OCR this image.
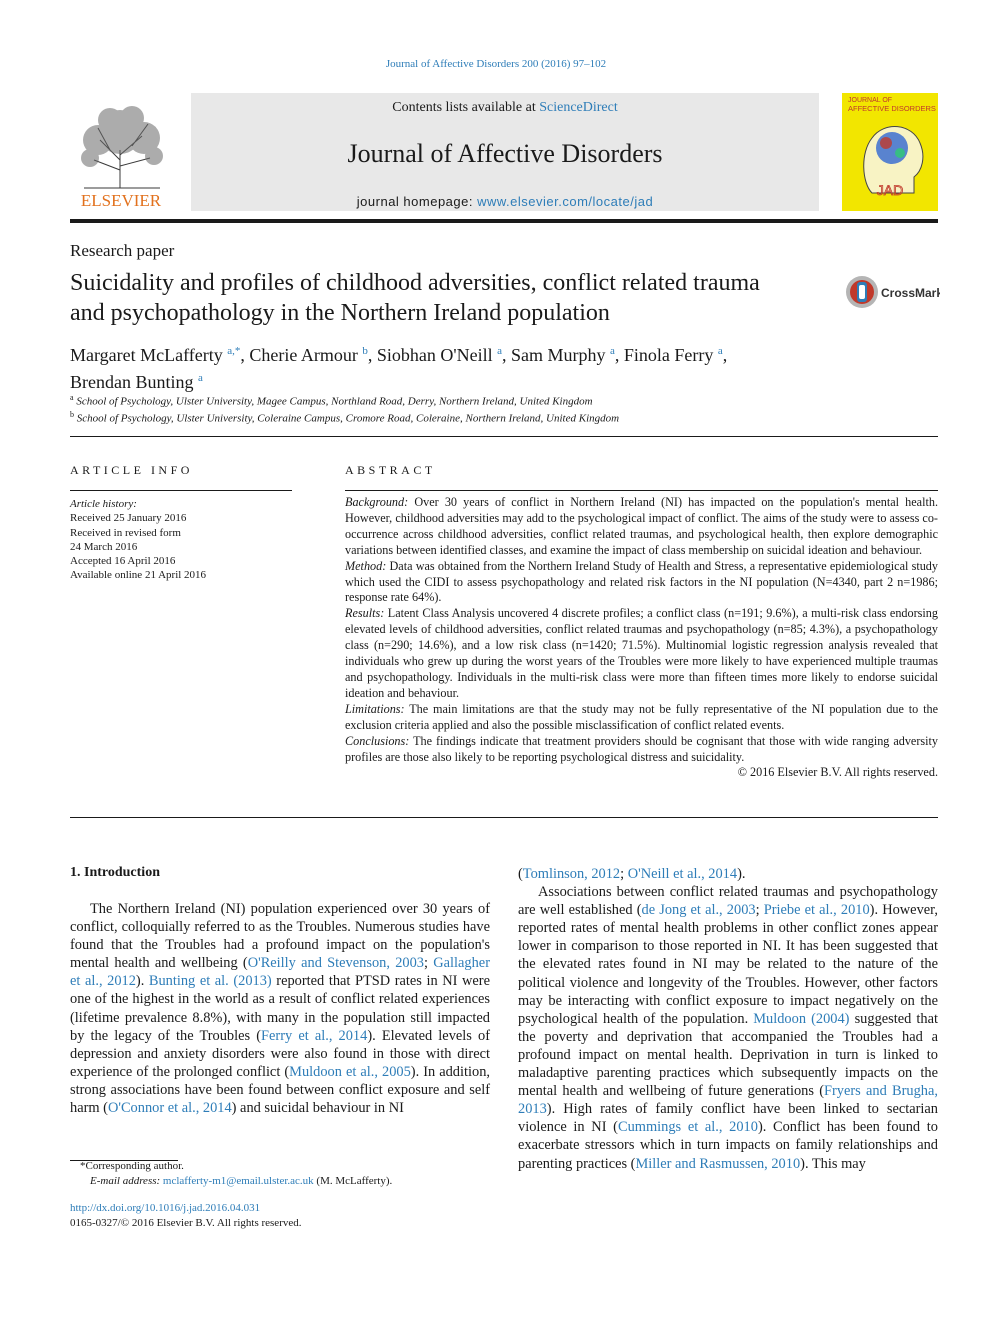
Journal of Affective Disorders 200 (2016) 97–102
ELSEVIER
Contents lists available at ScienceDirect
Journal of Affective Disorders
journal homepage: www.elsevier.com/locate/jad
JOURNAL OF
AFFECTIVE DISORDERS
JAD
Research paper
Suicidality and profiles of childhood adversities, conflict related trauma
and psychopathology in the Northern Ireland population
CrossMark
Margaret McLafferty $^{a,*}$, Cherie Armour $^b$, Siobhan O'Neill $^a$, Sam Murphy $^a$, Finola Ferry $^a$,
Brendan Bunting $^a$
$^a$ School of Psychology, Ulster University, Magee Campus, Northland Road, Derry, Northern Ireland, United Kingdom
$^b$ School of Psychology, Ulster University, Coleraine Campus, Cromore Road, Coleraine, Northern Ireland, United Kingdom
ARTICLE INFO
Article history:
Received 25 January 2016
Received in revised form
24 March 2016
Accepted 16 April 2016
Available online 21 April 2016
ABSTRACT

Background: Over 30 years of conflict in Northern Ireland (NI) has impacted on the population's mental health. However, childhood adversities may add to the psychological impact of conflict. The aims of the study were to assess co-occurrence across childhood adversities, conflict related traumas, and psychological health, then explore demographic variations between identified classes, and examine the impact of class membership on suicidal ideation and behaviour.

Method: Data was obtained from the Northern Ireland Study of Health and Stress, a representative epidemiological study which used the CIDI to assess psychopathology and related risk factors in the NI population (N=4340, part 2 n=1986; response rate 64%).

Results: Latent Class Analysis uncovered 4 discrete profiles; a conflict class (n=191; 9.6%), a multi-risk class endorsing elevated levels of childhood adversities, conflict related traumas and psychopathology (n=85; 4.3%), a psychopathology class (n=290; 14.6%), and a low risk class (n=1420; 71.5%). Multinomial logistic regression analysis revealed that individuals who grew up during the worst years of the Troubles were more likely to have experienced multiple traumas and psychopathology. Individuals in the multi-risk class were more than fifteen times more likely to endorse suicidal ideation and behaviour.

Limitations: The main limitations are that the study may not be fully representative of the NI population due to the exclusion criteria applied and also the possible misclassification of conflict related events.

Conclusions: The findings indicate that treatment providers should be cognisant that those with wide ranging adversity profiles are those also likely to be reporting psychological distress and suicidality.

© 2016 Elsevier B.V. All rights reserved.

1. Introduction

The Northern Ireland (NI) population experienced over 30 years of conflict, colloquially referred to as the Troubles. Numerous studies have found that the Troubles had a profound impact on the population's mental health and wellbeing (O'Reilly and Stevenson, 2003; Gallagher et al., 2012). Bunting et al. (2013) reported that PTSD rates in NI were one of the highest in the world as a result of conflict related experiences (lifetime prevalence 8.8%), with many in the population still impacted by the legacy of the Troubles (Ferry et al., 2014). Elevated levels of depression and anxiety disorders were also found in those with direct experience of the prolonged conflict (Muldoon et al., 2005). In addition, strong associations have been found between conflict exposure and self harm (O'Connor et al., 2014) and suicidal behaviour in NI

(Tomlinson, 2012; O'Neill et al., 2014).

Associations between conflict related traumas and psychopathology are well established (de Jong et al., 2003; Priebe et al., 2010). However, reported rates of mental health problems in other conflict zones appear lower in comparison to those reported in NI. It has been suggested that the elevated rates found in NI may be related to the nature of the political violence and longevity of the Troubles. However, other factors may be interacting with conflict exposure to impact negatively on the psychological health of the population. Muldoon (2004) suggested that the poverty and deprivation that accompanied the Troubles had a profound impact on mental health. Deprivation in turn is linked to maladaptive parenting practices which subsequently impacts on the mental health and wellbeing of future generations (Fryers and Brugha, 2013). High rates of family conflict have been linked to sectarian violence in NI (Cummings et al., 2010). Conflict has been found to exacerbate stressors which in turn impacts on family relationships and parenting practices (Miller and Rasmussen, 2010). This may

*Corresponding author.
E-mail address: mclafferty-m1@email.ulster.ac.uk (M. McLafferty).
http://dx.doi.org/10.1016/j.jad.2016.04.031
0165-0327/© 2016 Elsevier B.V. All rights reserved.
